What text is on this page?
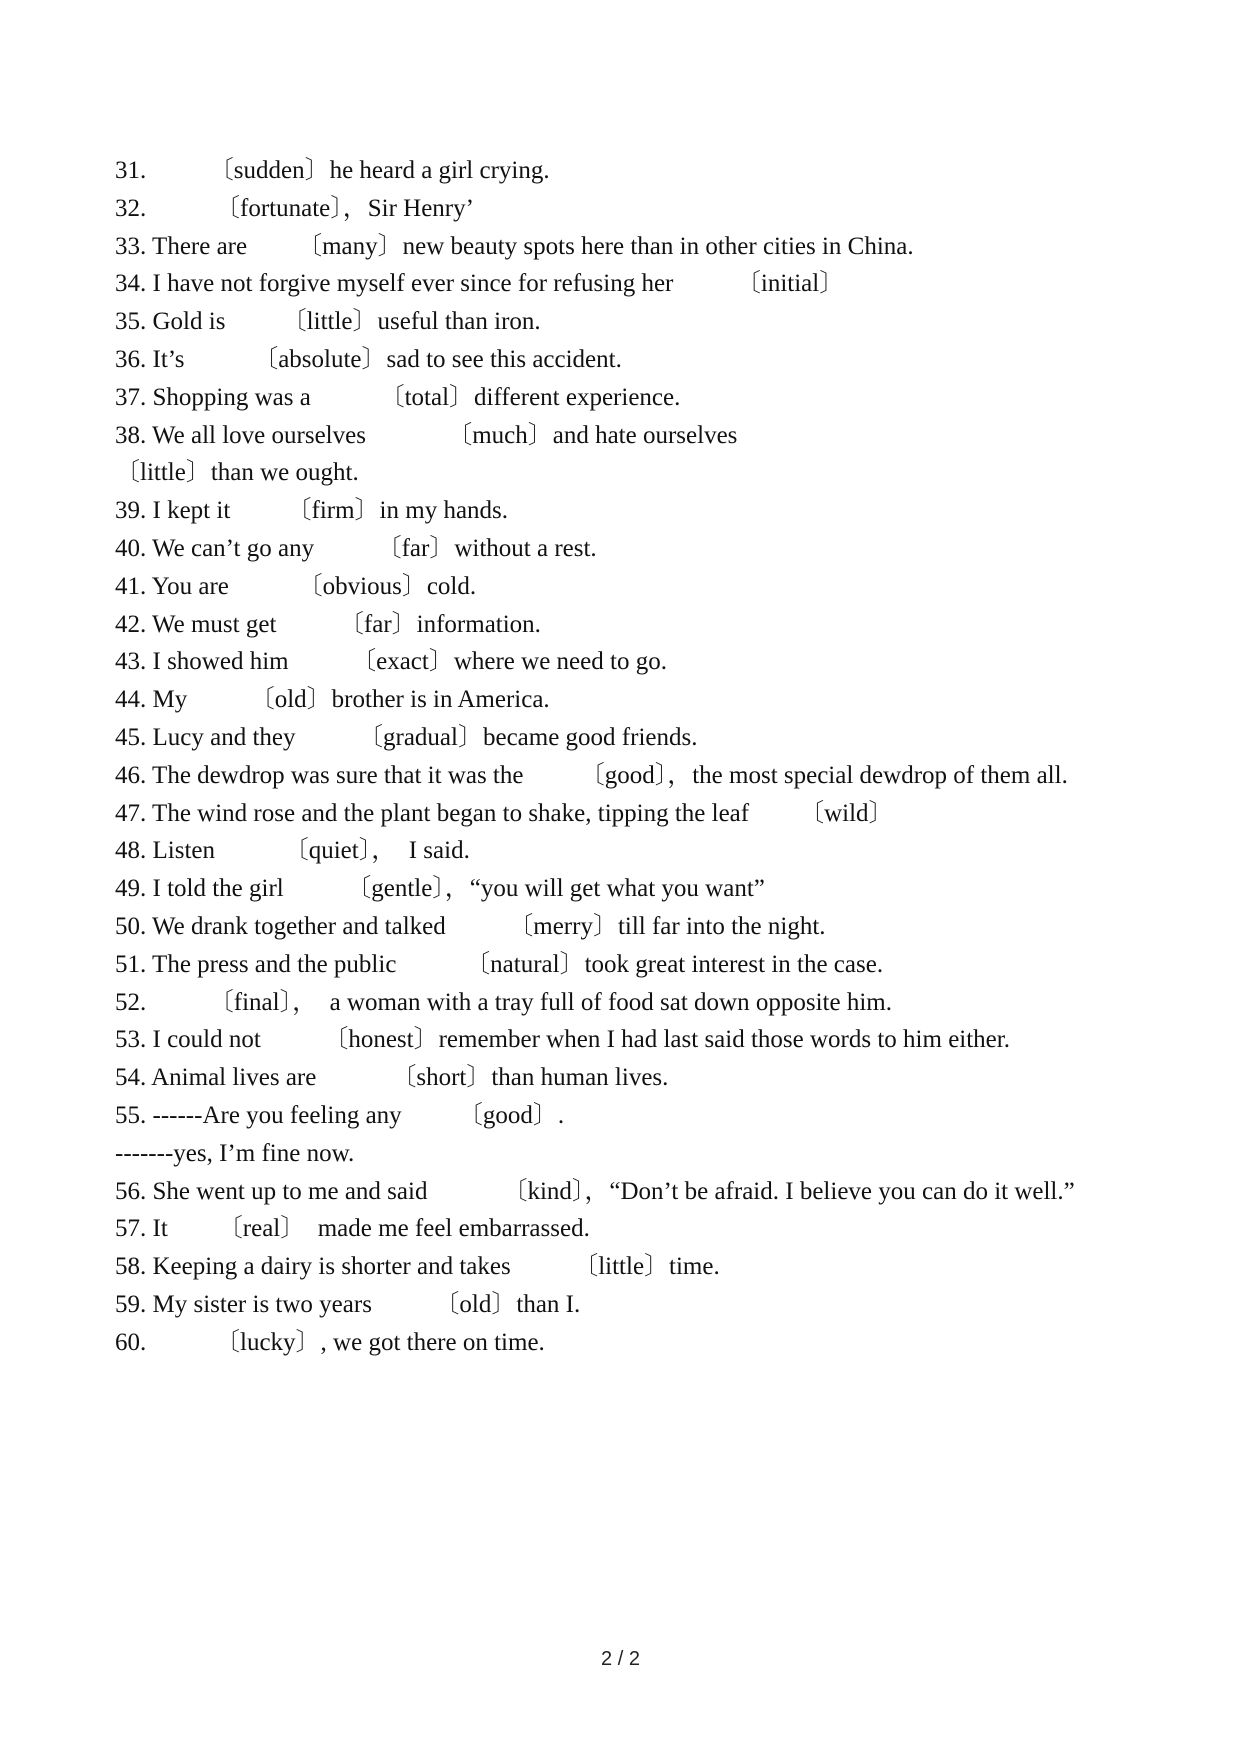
31.          〔sudden〕he heard a girl crying.
32.           〔fortunate〕，Sir Henry’
33. There are        〔many〕new beauty spots here than in other cities in China.
34. I have not forgive myself ever since for refusing her          〔initial〕
35. Gold is         〔little〕useful than iron.
36. It’s           〔absolute〕sad to see this accident.
37. Shopping was a           〔total〕different experience.
38. We all love ourselves             〔much〕and hate ourselves
〔little〕than we ought.
39. I kept it         〔firm〕in my hands.
40. We can’t go any          〔far〕without a rest.
41. You are           〔obvious〕cold.
42. We must get          〔far〕information.
43. I showed him          〔exact〕where we need to go.
44. My          〔old〕brother is in America.
45. Lucy and they          〔gradual〕became good friends.
46. The dewdrop was sure that it was the         〔good〕，the most special dewdrop of them all.
47. The wind rose and the plant began to shake, tipping the leaf        〔wild〕
48. Listen           〔quiet〕，  I said.
49. I told the girl          〔gentle〕，“you will get what you want”
50. We drank together and talked          〔merry〕till far into the night.
51. The press and the public           〔natural〕took great interest in the case.
52.          〔final〕，  a woman with a tray full of food sat down opposite him.
53. I could not          〔honest〕remember when I had last said those words to him either.
54. Animal lives are            〔short〕than human lives.
55. ------Are you feeling any         〔good〕.
-------yes, I’m fine now.
56. She went up to me and said            〔kind〕，“Don’t be afraid. I believe you can do it well.”
57. It        〔real〕  made me feel embarrassed.
58. Keeping a dairy is shorter and takes          〔little〕time.
59. My sister is two years          〔old〕than I.
60.           〔lucky〕, we got there on time.
2 / 2
